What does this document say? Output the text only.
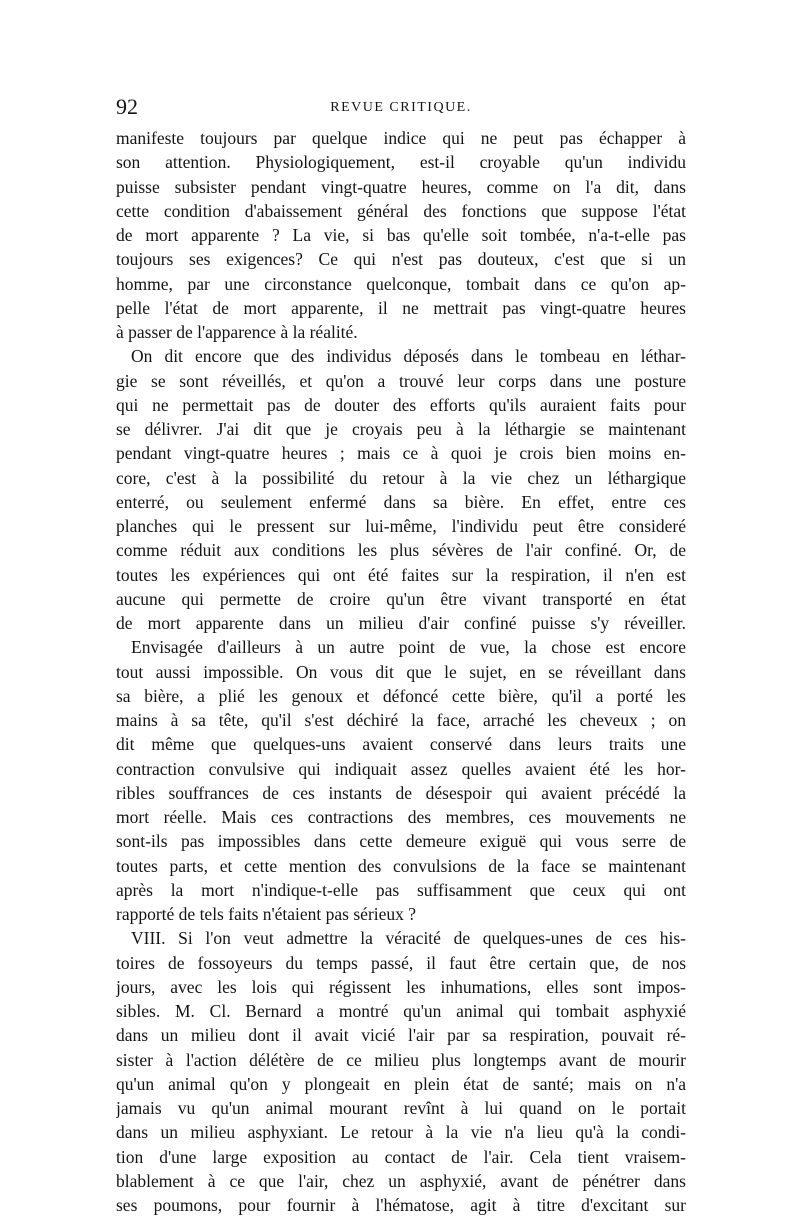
92	REVUE CRITIQUE.
manifeste toujours par quelque indice qui ne peut pas échapper à
son attention. Physiologiquement, est-il croyable qu'un individu
puisse subsister pendant vingt-quatre heures, comme on l'a dit, dans
cette condition d'abaissement général des fonctions que suppose l'état
de mort apparente ? La vie, si bas qu'elle soit tombée, n'a-t-elle pas
toujours ses exigences? Ce qui n'est pas douteux, c'est que si un
homme, par une circonstance quelconque, tombait dans ce qu'on ap-
pelle l'état de mort apparente, il ne mettrait pas vingt-quatre heures
à passer de l'apparence à la réalité.
On dit encore que des individus déposés dans le tombeau en léthar-
gie se sont réveillés, et qu'on a trouvé leur corps dans une posture
qui ne permettait pas de douter des efforts qu'ils auraient faits pour
se délivrer. J'ai dit que je croyais peu à la léthargie se maintenant
pendant vingt-quatre heures ; mais ce à quoi je crois bien moins en-
core, c'est à la possibilité du retour à la vie chez un léthargique
enterré, ou seulement enfermé dans sa bière. En effet, entre ces
planches qui le pressent sur lui-même, l'individu peut être consideré
comme réduit aux conditions les plus sévères de l'air confiné. Or, de
toutes les expériences qui ont été faites sur la respiration, il n'en est
aucune qui permette de croire qu'un être vivant transporté en état
de mort apparente dans un milieu d'air confiné puisse s'y réveiller.
Envisagée d'ailleurs à un autre point de vue, la chose est encore
tout aussi impossible. On vous dit que le sujet, en se réveillant dans
sa bière, a plié les genoux et défoncé cette bière, qu'il a porté les
mains à sa tête, qu'il s'est déchiré la face, arraché les cheveux ; on
dit même que quelques-uns avaient conservé dans leurs traits une
contraction convulsive qui indiquait assez quelles avaient été les hor-
ribles souffrances de ces instants de désespoir qui avaient précédé la
mort réelle. Mais ces contractions des membres, ces mouvements ne
sont-ils pas impossibles dans cette demeure exiguë qui vous serre de
toutes parts, et cette mention des convulsions de la face se maintenant
après la mort n'indique-t-elle pas suffisamment que ceux qui ont
rapporté de tels faits n'étaient pas sérieux ?
VIII. Si l'on veut admettre la véracité de quelques-unes de ces his-
toires de fossoyeurs du temps passé, il faut être certain que, de nos
jours, avec les lois qui régissent les inhumations, elles sont impos-
sibles. M. Cl. Bernard a montré qu'un animal qui tombait asphyxié
dans un milieu dont il avait vicié l'air par sa respiration, pouvait ré-
sister à l'action délétère de ce milieu plus longtemps avant de mourir
qu'un animal qu'on y plongeait en plein état de santé; mais on n'a
jamais vu qu'un animal mourant revînt à lui quand on le portait
dans un milieu asphyxiant. Le retour à la vie n'a lieu qu'à la condi-
tion d'une large exposition au contact de l'air. Cela tient vraisem-
blablement à ce que l'air, chez un asphyxié, avant de pénétrer dans
ses poumons, pour fournir à l'hématose, agit à titre d'excitant sur
